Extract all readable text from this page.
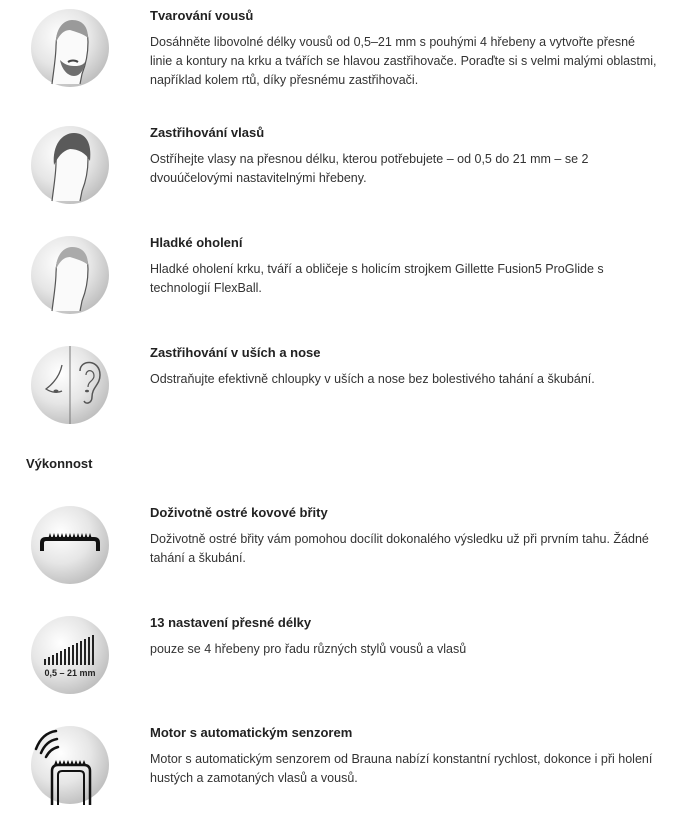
Tvarování vousů

Dosáhněte libovolné délky vousů od 0,5–21 mm s pouhými 4 hřebeny a vytvořte přesné linie a kontury na krku a tvářích se hlavou zastřihovače. Poraďte si s velmi malými oblastmi, například kolem rtů, díky přesnému zastřihovači.

Zastřihování vlasů

Ostříhejte vlasy na přesnou délku, kterou potřebujete – od 0,5 do 21 mm – se 2 dvouúčelovými nastavitelnými hřebeny.

Hladké oholení

Hladké oholení krku, tváří a obličeje s holicím strojkem Gillette Fusion5 ProGlide s technologií FlexBall.

Zastřihování v uších a nose

Odstraňujte efektivně chloupky v uších a nose bez bolestivého tahání a škubání.

Výkonnost

Doživotně ostré kovové břity

Doživotně ostré břity vám pomohou docílit dokonalého výsledku už při prvním tahu. Žádné tahání a škubání.

0,5 – 21 mm

13 nastavení přesné délky

pouze se 4 hřebeny pro řadu různých stylů vousů a vlasů

Motor s automatickým senzorem

Motor s automatickým senzorem od Brauna nabízí konstantní rychlost, dokonce i při holení hustých a zamotaných vlasů a vousů.
